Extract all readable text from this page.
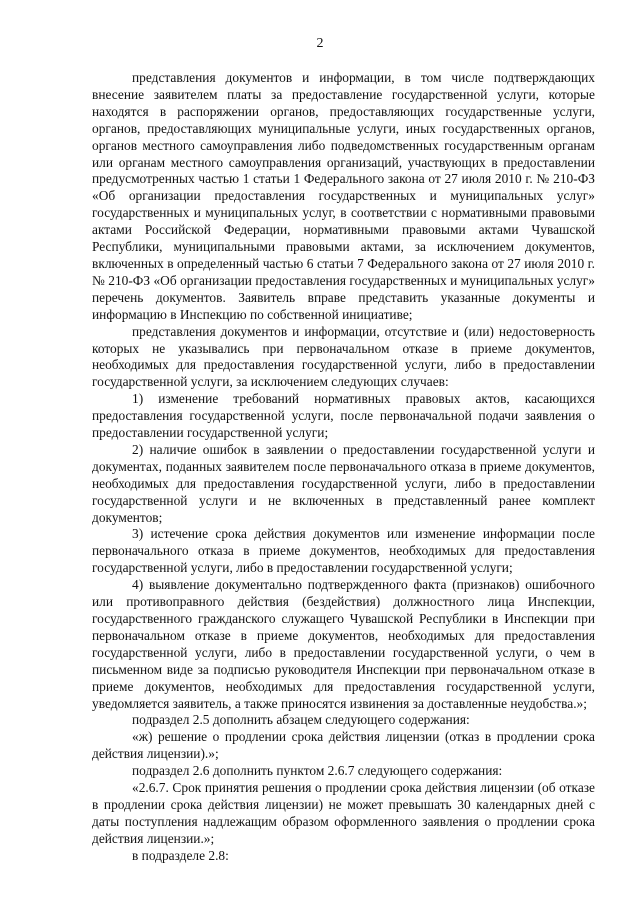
2

представления документов и информации, в том числе подтверждающих внесение заявителем платы за предоставление государственной услуги, которые находятся в распоряжении органов, предоставляющих государственные услуги, органов, предоставляющих муниципальные услуги, иных государственных органов, органов местного самоуправления либо подведомственных государственным органам или органам местного самоуправления организаций, участвующих в предоставлении предусмотренных частью 1 статьи 1 Федерального закона от 27 июля 2010 г. № 210-ФЗ «Об организации предоставления государственных и муниципальных услуг» государственных и муниципальных услуг, в соответствии с нормативными правовыми актами Российской Федерации, нормативными правовыми актами Чувашской Республики, муниципальными правовыми актами, за исключением документов, включенных в определенный частью 6 статьи 7 Федерального закона от 27 июля 2010 г. № 210-ФЗ «Об организации предоставления государственных и муниципальных услуг» перечень документов. Заявитель вправе представить указанные документы и информацию в Инспекцию по собственной инициативе;

представления документов и информации, отсутствие и (или) недостоверность которых не указывались при первоначальном отказе в приеме документов, необходимых для предоставления государственной услуги, либо в предоставлении государственной услуги, за исключением следующих случаев:

1) изменение требований нормативных правовых актов, касающихся предоставления государственной услуги, после первоначальной подачи заявления о предоставлении государственной услуги;

2) наличие ошибок в заявлении о предоставлении государственной услуги и документах, поданных заявителем после первоначального отказа в приеме документов, необходимых для предоставления государственной услуги, либо в предоставлении государственной услуги и не включенных в представленный ранее комплект документов;

3) истечение срока действия документов или изменение информации после первоначального отказа в приеме документов, необходимых для предоставления государственной услуги, либо в предоставлении государственной услуги;

4) выявление документально подтвержденного факта (признаков) ошибочного или противоправного действия (бездействия) должностного лица Инспекции, государственного гражданского служащего Чувашской Республики в Инспекции при первоначальном отказе в приеме документов, необходимых для предоставления государственной услуги, либо в предоставлении государственной услуги, о чем в письменном виде за подписью руководителя Инспекции при первоначальном отказе в приеме документов, необходимых для предоставления государственной услуги, уведомляется заявитель, а также приносятся извинения за доставленные неудобства.»;

подраздел 2.5 дополнить абзацем следующего содержания:

«ж) решение о продлении срока действия лицензии (отказ в продлении срока действия лицензии).»;

подраздел 2.6 дополнить пунктом 2.6.7 следующего содержания:

«2.6.7. Срок принятия решения о продлении срока действия лицензии (об отказе в продлении срока действия лицензии) не может превышать 30 календарных дней с даты поступления надлежащим образом оформленного заявления о продлении срока действия лицензии.»;

в подразделе 2.8:
